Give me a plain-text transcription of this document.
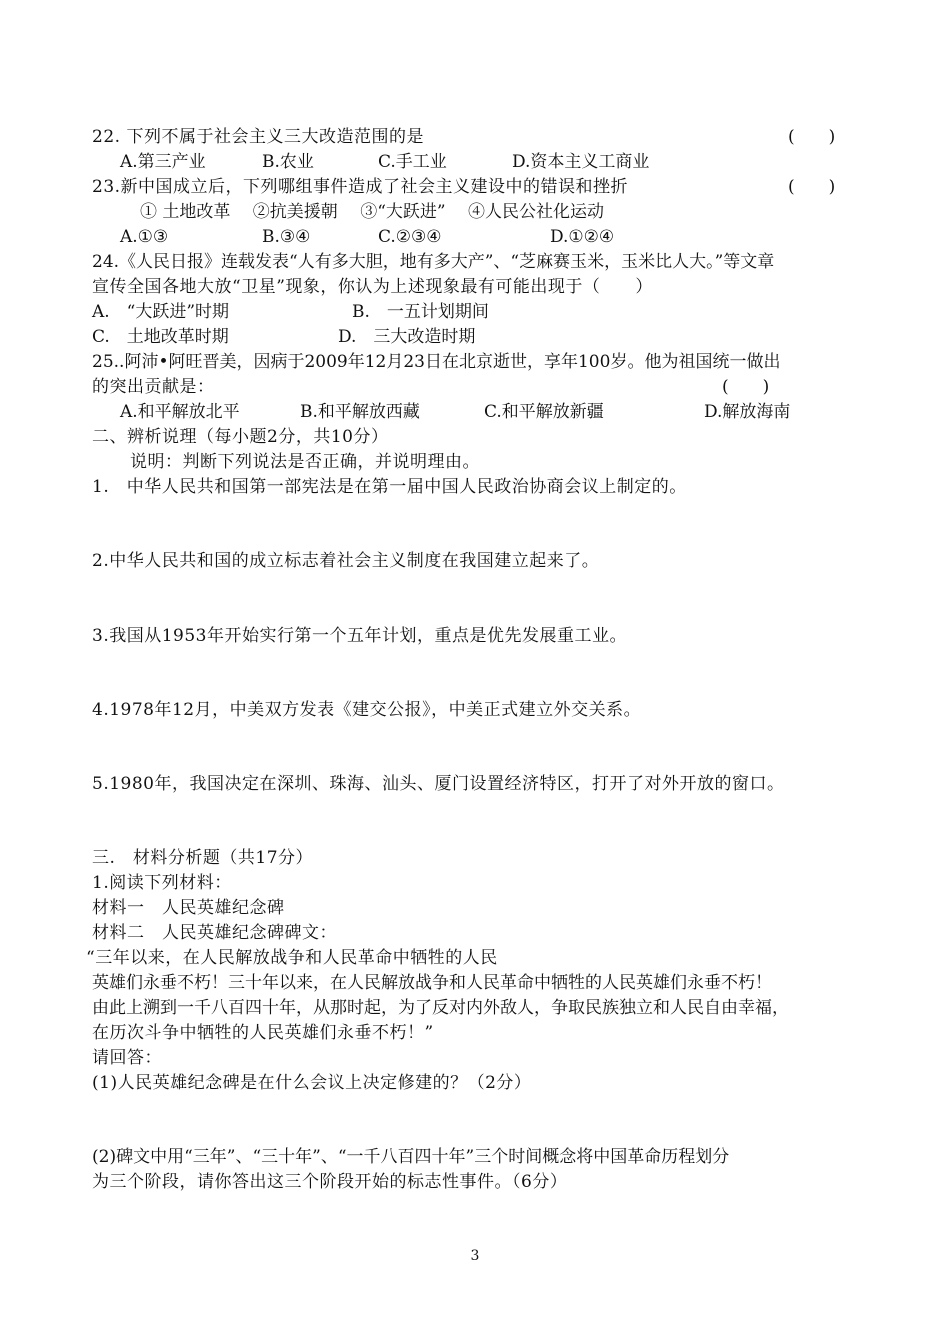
22. 下列不属于社会主义三大改造范围的是	(　　)
A.第三产业	B.农业	C.手工业	D.资本主义工商业
23.新中国成立后，下列哪组事件造成了社会主义建设中的错误和挫折	(　　)
① 土地改革　 ②抗美援朝　 ③“大跃进”　 ④人民公社化运动
A.①③	B.③④	C.②③④	D.①②④
24.《人民日报》连载发表“人有多大胆，地有多大产”、“芝麻赛玉米，玉米比人大。”等文章
宣传全国各地大放“卫星”现象，你认为上述现象最有可能出现于（　　）
A.　“大跃进”时期	B.　一五计划期间
C.　土地改革时期	D.　三大改造时期
25..阿沛•阿旺晋美，因病于2009年12月23日在北京逝世，享年100岁。他为祖国统一做出
的突出贡献是：	(　　)
A.和平解放北平	B.和平解放西藏	C.和平解放新疆	D.解放海南
二、辨析说理（每小题2分，共10分）
说明：判断下列说法是否正确，并说明理由。
1.　中华人民共和国第一部宪法是在第一届中国人民政治协商会议上制定的。
2.中华人民共和国的成立标志着社会主义制度在我国建立起来了。
3.我国从1953年开始实行第一个五年计划，重点是优先发展重工业。
4.1978年12月，中美双方发表《建交公报》，中美正式建立外交关系。
5.1980年，我国决定在深圳、珠海、汕头、厦门设置经济特区，打开了对外开放的窗口。
三.　材料分析题（共17分）
1.阅读下列材料：
材料一　人民英雄纪念碑
材料二　人民英雄纪念碑碑文：
“三年以来，在人民解放战争和人民革命中牺牲的人民
英雄们永垂不朽！三十年以来，在人民解放战争和人民革命中牺牲的人民英雄们永垂不朽！
由此上溯到一千八百四十年，从那时起，为了反对内外敌人，争取民族独立和人民自由幸福，
在历次斗争中牺牲的人民英雄们永垂不朽！”
请回答：
(1)人民英雄纪念碑是在什么会议上决定修建的？（2分）
(2)碑文中用“三年”、“三十年”、“一千八百四十年”三个时间概念将中国革命历程划分
为三个阶段，请你答出这三个阶段开始的标志性事件。（6分）
3
